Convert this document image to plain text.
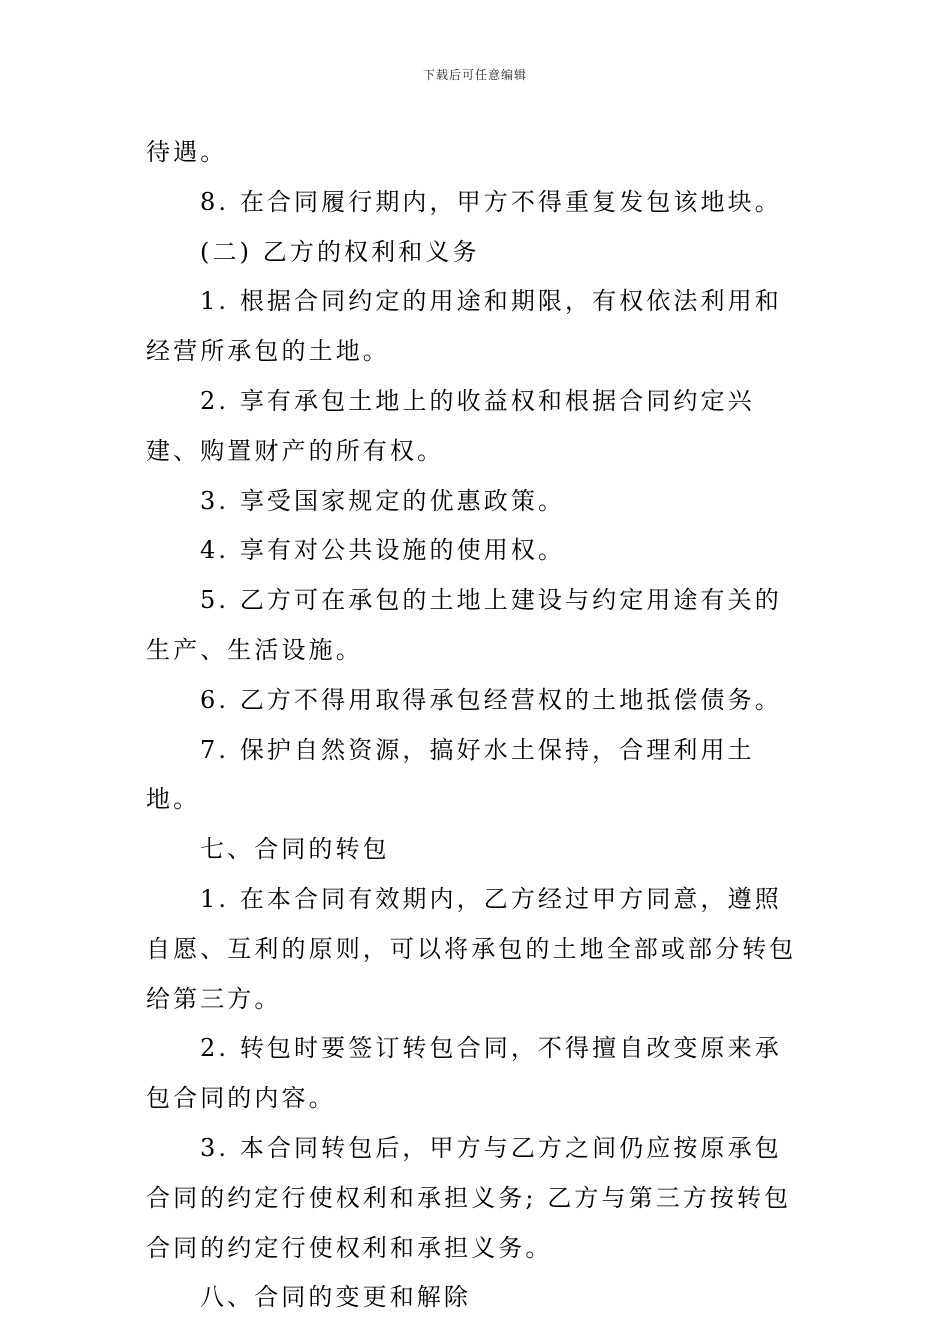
下载后可任意编辑

待遇。

8. 在合同履行期内，甲方不得重复发包该地块。

(二) 乙方的权利和义务

1. 根据合同约定的用途和期限，有权依法利用和经营所承包的土地。

2. 享有承包土地上的收益权和根据合同约定兴建、购置财产的所有权。

3. 享受国家规定的优惠政策。

4. 享有对公共设施的使用权。

5. 乙方可在承包的土地上建设与约定用途有关的生产、生活设施。

6. 乙方不得用取得承包经营权的土地抵偿债务。

7. 保护自然资源，搞好水土保持，合理利用土地。

七、合同的转包

1. 在本合同有效期内，乙方经过甲方同意，遵照自愿、互利的原则，可以将承包的土地全部或部分转包给第三方。

2. 转包时要签订转包合同，不得擅自改变原来承包合同的内容。

3. 本合同转包后，甲方与乙方之间仍应按原承包合同的约定行使权利和承担义务; 乙方与第三方按转包合同的约定行使权利和承担义务。

八、合同的变更和解除
